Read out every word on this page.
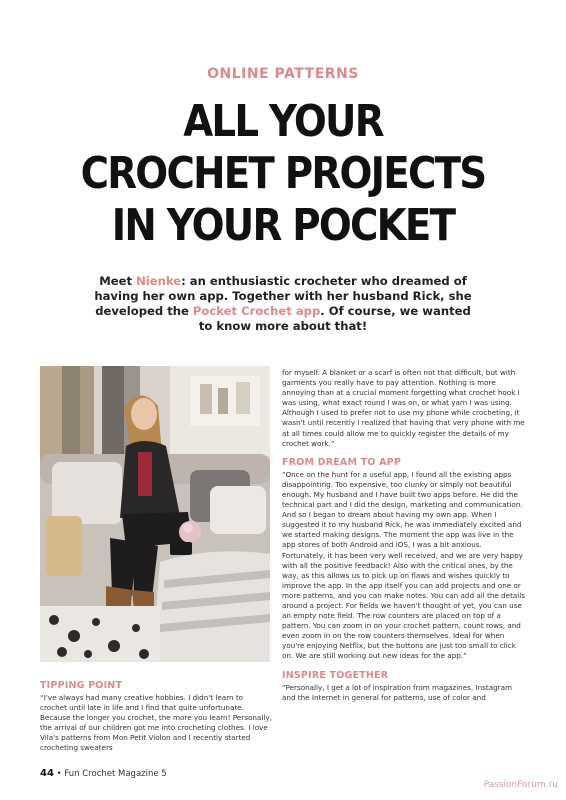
ONLINE PATTERNS
ALL YOUR
CROCHET PROJECTS
IN YOUR POCKET
Meet Nienke: an enthusiastic crocheter who dreamed of having her own app. Together with her husband Rick, she developed the Pocket Crochet app. Of course, we wanted to know more about that!
TIPPING POINT

“I've always had many creative hobbies. I didn't learn to crochet until late in life and I find that quite unfortunate. Because the longer you crochet, the more you learn! Personally, the arrival of our children got me into crocheting clothes. I love Vila's patterns from Mon Petit Violon and I recently started crocheting sweaters

for myself. A blanket or a scarf is often not that difficult, but with garments you really have to pay attention. Nothing is more annoying than at a crucial moment forgetting what crochet hook I was using, what exact round I was on, or what yarn I was using. Although I used to prefer not to use my phone while crocheting, it wasn't until recently I realized that having that very phone with me at all times could allow me to quickly register the details of my crochet work.”

FROM DREAM TO APP

“Once on the hunt for a useful app, I found all the existing apps disappointing. Too expensive, too clunky or simply not beautiful enough. My husband and I have built two apps before. He did the technical part and I did the design, marketing and communication. And so I began to dream about having my own app. When I suggested it to my husband Rick, he was immediately excited and we started making designs. The moment the app was live in the app stores of both Android and iOS, I was a bit anxious. Fortunately, it has been very well received, and we are very happy with all the positive feedback! Also with the critical ones, by the way, as this allows us to pick up on flaws and wishes quickly to improve the app. In the app itself you can add projects and one or more patterns, and you can make notes. You can add all the details around a project. For fields we haven't thought of yet, you can use an empty note field. The row counters are placed on top of a pattern. You can zoom in on your crochet pattern, count rows, and even zoom in on the row counters themselves. Ideal for when you're enjoying Netflix, but the buttons are just too small to click on. We are still working out new ideas for the app.”

INSPIRE TOGETHER

“Personally, I get a lot of inspiration from magazines, Instagram and the Internet in general for patterns, use of color and

44 • Fun Crochet Magazine 5
PassionForum.ru
